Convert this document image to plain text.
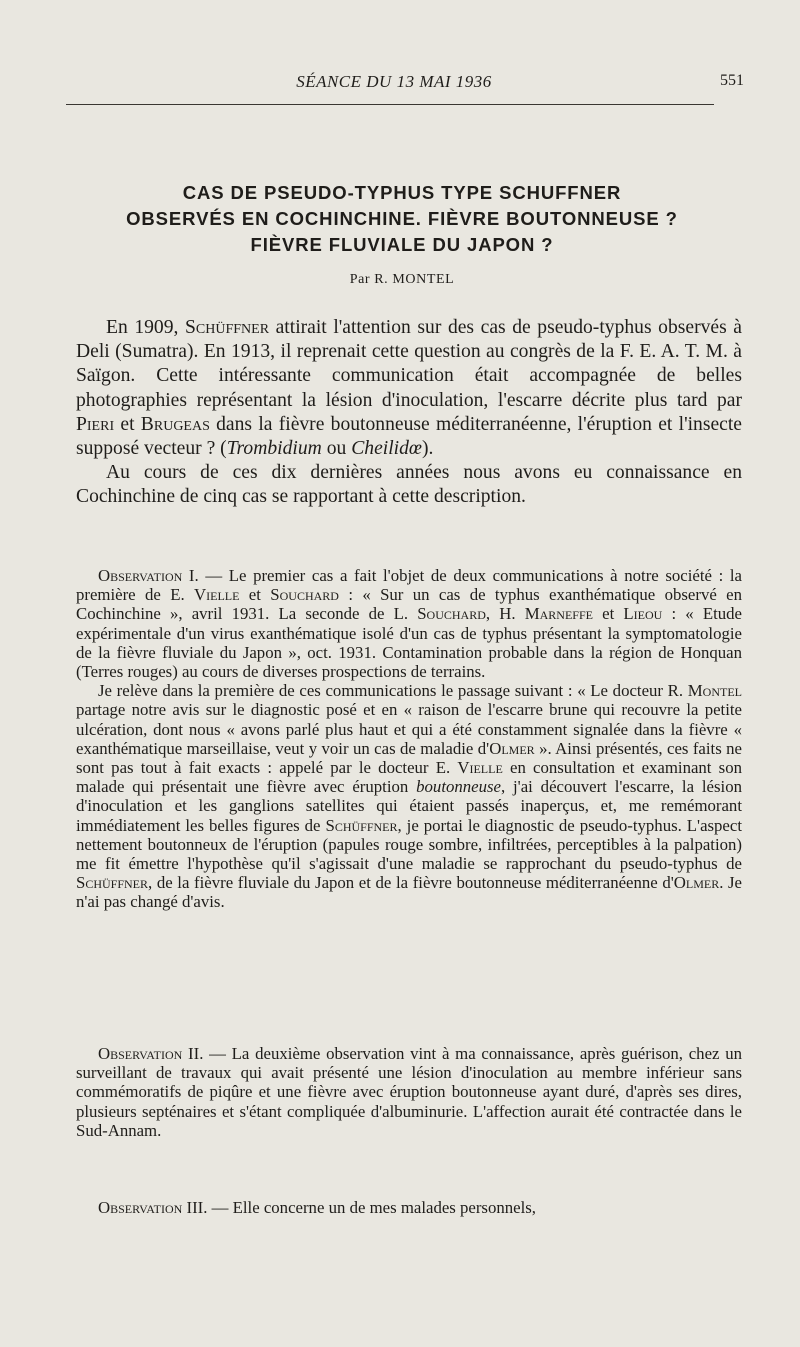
SÉANCE DU 13 MAI 1936	551
CAS DE PSEUDO-TYPHUS TYPE SCHUFFNER
OBSERVÉS EN COCHINCHINE. FIÈVRE BOUTONNEUSE ?
FIÈVRE FLUVIALE DU JAPON ?
Par R. MONTEL

En 1909, Schüffner attirait l'attention sur des cas de pseudo-typhus observés à Deli (Sumatra). En 1913, il reprenait cette question au congrès de la F. E. A. T. M. à Saïgon. Cette intéressante communication était accompagnée de belles photographies représentant la lésion d'inoculation, l'escarre décrite plus tard par Pieri et Brugeas dans la fièvre boutonneuse méditerranéenne, l'éruption et l'insecte supposé vecteur ? (Trombidium ou Cheilidœ).

Au cours de ces dix dernières années nous avons eu connaissance en Cochinchine de cinq cas se rapportant à cette description.

Observation I. — Le premier cas a fait l'objet de deux communications à notre société : la première de E. Vielle et Souchard : « Sur un cas de typhus exanthématique observé en Cochinchine », avril 1931. La seconde de L. Souchard, H. Marneffe et Lieou : « Etude expérimentale d'un virus exanthématique isolé d'un cas de typhus présentant la symptomatologie de la fièvre fluviale du Japon », oct. 1931. Contamination probable dans la région de Honquan (Terres rouges) au cours de diverses prospections de terrains.

Je relève dans la première de ces communications le passage suivant : « Le docteur R. Montel partage notre avis sur le diagnostic posé et en « raison de l'escarre brune qui recouvre la petite ulcération, dont nous « avons parlé plus haut et qui a été constamment signalée dans la fièvre « exanthématique marseillaise, veut y voir un cas de maladie d'Olmer ». Ainsi présentés, ces faits ne sont pas tout à fait exacts : appelé par le docteur E. Vielle en consultation et examinant son malade qui présentait une fièvre avec éruption boutonneuse, j'ai découvert l'escarre, la lésion d'inoculation et les ganglions satellites qui étaient passés inaperçus, et, me remémorant immédiatement les belles figures de Schüffner, je portai le diagnostic de pseudo-typhus. L'aspect nettement boutonneux de l'éruption (papules rouge sombre, infiltrées, perceptibles à la palpation) me fit émettre l'hypothèse qu'il s'agissait d'une maladie se rapprochant du pseudo-typhus de Schüffner, de la fièvre fluviale du Japon et de la fièvre boutonneuse méditerranéenne d'Olmer. Je n'ai pas changé d'avis.

Observation II. — La deuxième observation vint à ma connaissance, après guérison, chez un surveillant de travaux qui avait présenté une lésion d'inoculation au membre inférieur sans commémoratifs de piqûre et une fièvre avec éruption boutonneuse ayant duré, d'après ses dires, plusieurs septénaires et s'étant compliquée d'albuminurie. L'affection aurait été contractée dans le Sud-Annam.

Observation III. — Elle concerne un de mes malades personnels,
